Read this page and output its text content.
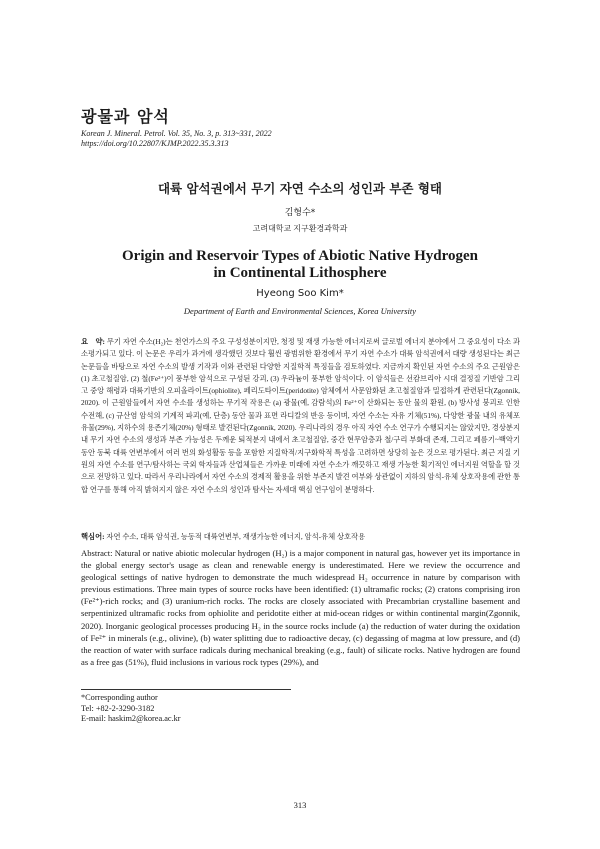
광물과 암석
Korean J. Mineral. Petrol. Vol. 35, No. 3, p. 313~331, 2022
https://doi.org/10.22807/KJMP.2022.35.3.313
대륙 암석권에서 무기 자연 수소의 성인과 부존 형태
김형수*
고려대학교 지구환경과학과
Origin and Reservoir Types of Abiotic Native Hydrogen
in Continental Lithosphere
Hyeong Soo Kim*
Department of Earth and Environmental Sciences, Korea University
요　약: 무기 자연 수소(H₂)는 천연가스의 주요 구성성분이지만, 청정 및 재생 가능한 에너지로써 글로벌 에너지 분야에서 그 중요성이 다소 과소평가되고 있다. 이 논문은 우리가 과거에 생각했던 것보다 훨씬 광범위한 환경에서 무기 자연 수소가 대륙 암석권에서 대량 생성된다는 최근 논문들을 바탕으로 자연 수소의 발생 기작과 이와 관련된 다양한 지질학적 특징들을 검토하였다. 지금까지 확인된 자연 수소의 주요 근원암은 (1) 초고철질암, (2) 철(Fe²⁺)이 풍부한 암석으로 구성된 강괴, (3) 우라늄이 풍부한 암석이다. 이 암석들은 선캄브리아 시대 결정질 기반암 그리고 중앙 해령과 대륙기반의 오피올라이트(ophiolite), 페리도타이트(peridotite) 암체에서 사문암화된 초고철질암과 밀접하게 관련된다(Zgonnik, 2020). 이 근원암들에서 자연 수소를 생성하는 무기적 작용은 (a) 광물(예, 감람석)의 Fe²⁺이 산화되는 동안 물의 환원, (b) 방사성 붕괴로 인한 수전해, (c) 규산염 암석의 기계적 파괴(예, 단층) 동안 물과 표면 라디칼의 반응 등이며, 자연 수소는 자유 기체(51%), 다양한 광물 내의 유체포유물(29%), 지하수의 용존기체(20%) 형태로 발견된다(Zgonnik, 2020). 우리나라의 경우 아직 자연 수소 연구가 수행되지는 않았지만, 경상분지 내 무기 자연 수소의 생성과 부존 가능성은 두께운 퇴적분지 내에서 초고철질암, 중간 현무암층과 철/구리 부화대 존재, 그리고 페름기~백악기 동안 동북 대륙 연변부에서 여러 번의 화성활동 등을 포함한 지질학적/지구화학적 특성을 고려하면 상당히 높은 것으로 평가된다. 최근 지질 기원의 자연 수소를 연구/탐사하는 국외 학자들과 산업체들은 가까운 미래에 자연 수소가 깨끗하고 재생 가능한 획기적인 에너지원 역할을 할 것으로 전망하고 있다. 따라서 우리나라에서 자연 수소의 경제적 활용을 위한 부존지 발견 여부와 상관없이 지하의 암석-유체 상호작용에 관한 통합 연구를 통해 아직 밝혀지지 않은 자연 수소의 성인과 탐사는 자세대 핵심 연구임이 분명하다.
핵심어: 자연 수소, 대륙 암석권, 능동적 대륙연변부, 재생가능한 에너지, 암석-유체 상호작용
Abstract: Natural or native abiotic molecular hydrogen (H₂) is a major component in natural gas, however yet its importance in the global energy sector's usage as clean and renewable energy is underestimated. Here we review the occurrence and geological settings of native hydrogen to demonstrate the much widespread H₂ occurrence in nature by comparison with previous estimations. Three main types of source rocks have been identified: (1) ultramafic rocks; (2) cratons comprising iron (Fe²⁺)-rich rocks; and (3) uranium-rich rocks. The rocks are closely associated with Precambrian crystalline basement and serpentinized ultramafic rocks from ophiolite and peridotite either at mid-ocean ridges or within continental margin(Zgonnik, 2020). Inorganic geological processes producing H₂ in the source rocks include (a) the reduction of water during the oxidation of Fe²⁺ in minerals (e.g., olivine), (b) water splitting due to radioactive decay, (c) degassing of magma at low pressure, and (d) the reaction of water with surface radicals during mechanical breaking (e.g., fault) of silicate rocks. Native hydrogen are found as a free gas (51%), fluid inclusions in various rock types (29%), and
*Corresponding author
Tel: +82-2-3290-3182
E-mail: haskim2@korea.ac.kr
313
